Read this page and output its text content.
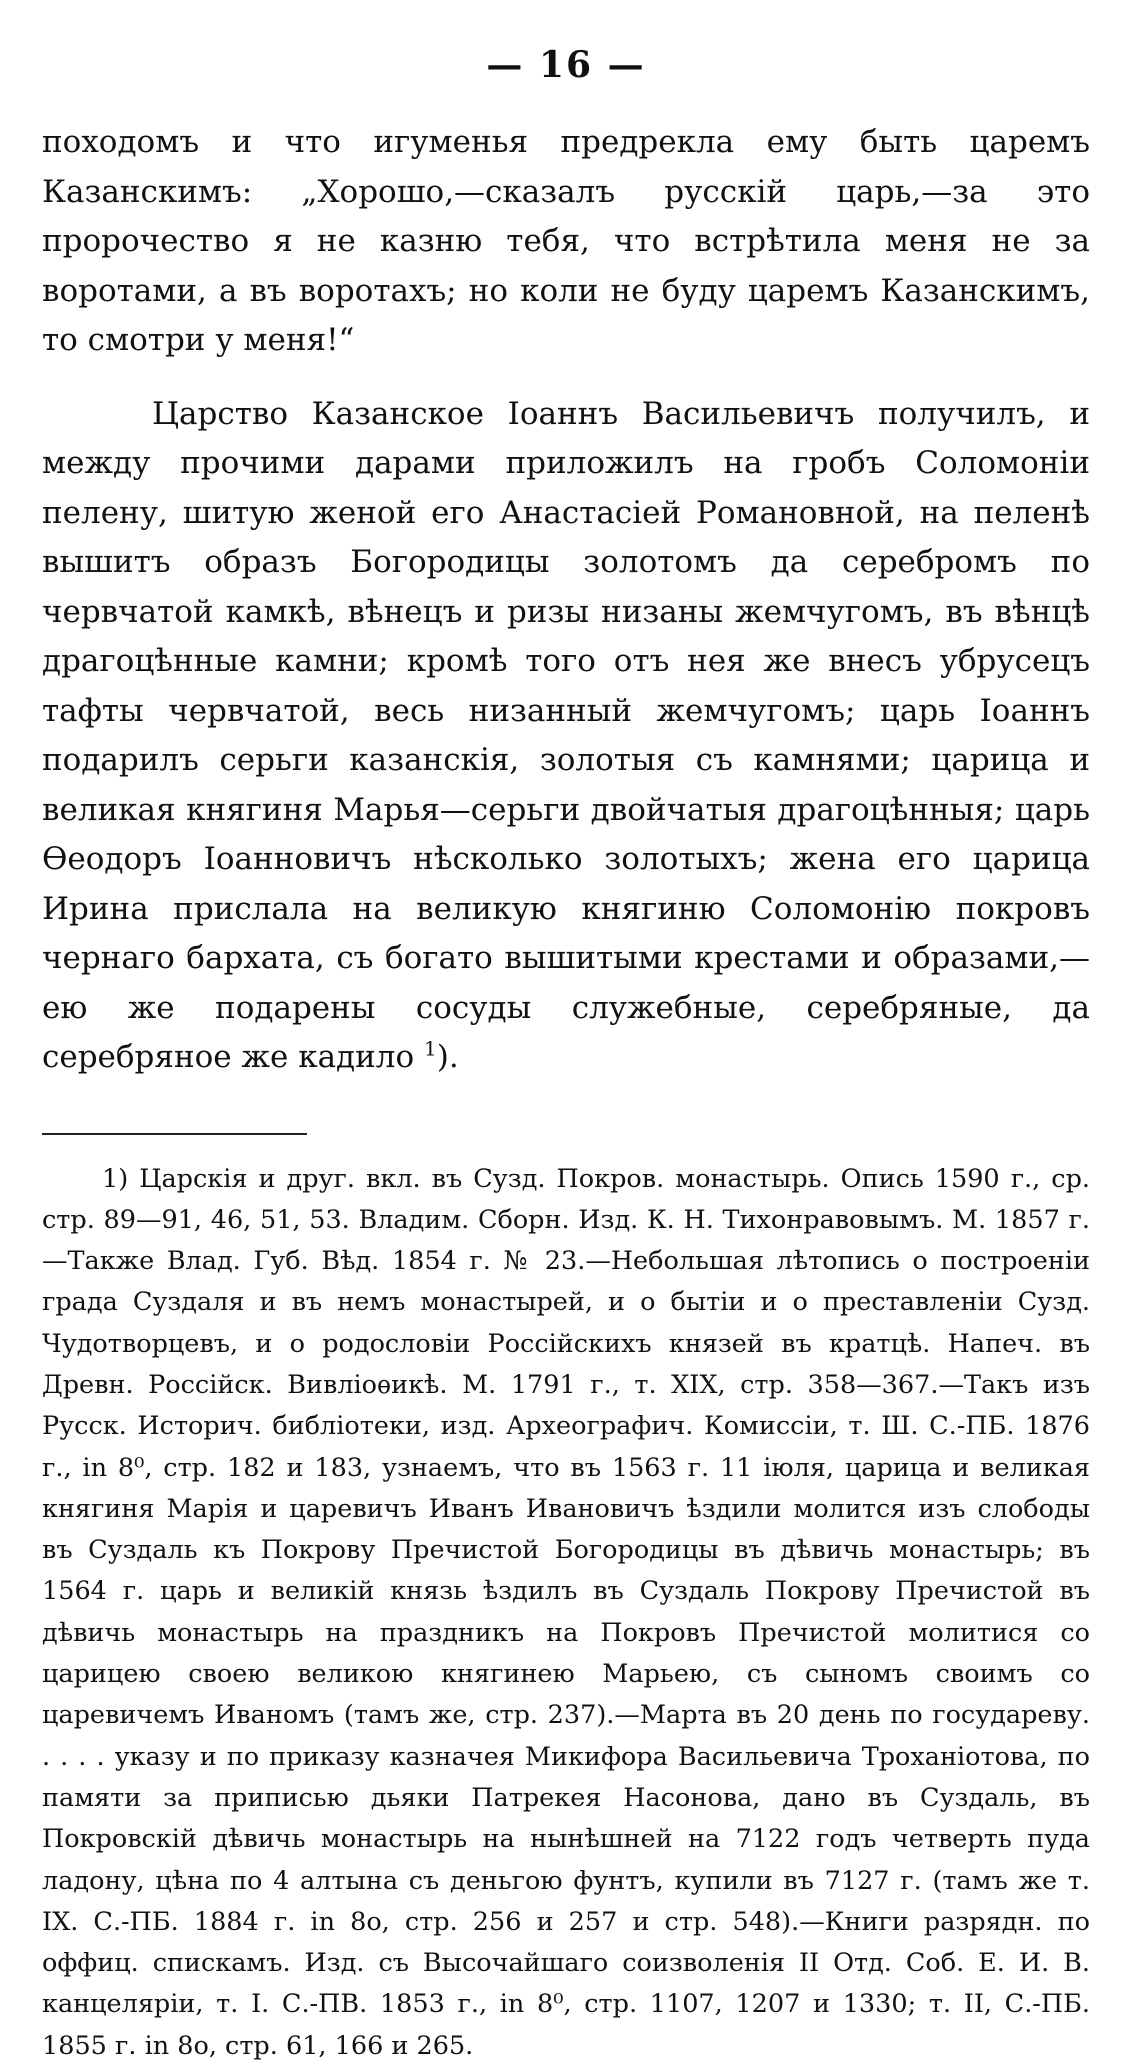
— 16 —

походомъ и что игуменья предрекла ему быть царемъ Казанскимъ: „Хорошо,—сказалъ русскій царь,—за это пророчество я не казню тебя, что встрѣтила меня не за воротами, а въ воротахъ; но коли не буду царемъ Казанскимъ, то смотри у меня!“

Царство Казанское Іоаннъ Васильевичъ получилъ, и между прочими дарами приложилъ на гробъ Соломоніи пелену, шитую женой его Анастасіей Романовной, на пеленѣ вышитъ образъ Богородицы золотомъ да серебромъ по червчатой камкѣ, вѣнецъ и ризы низаны жемчугомъ, въ вѣнцѣ драгоцѣнные камни; кромѣ того отъ нея же внесъ убрусецъ тафты червчатой, весь низанный жемчугомъ; царь Іоаннъ подарилъ серьги казанскія, золотыя съ камнями; царица и великая княгиня Марья—серьги двойчатыя драгоцѣнныя; царь Ѳеодоръ Іоанновичъ нѣсколько золотыхъ; жена его царица Ирина прислала на великую княгиню Соломонію покровъ чернаго бархата, съ богато вышитыми крестами и образами,—ею же подарены сосуды служебные, серебряные, да серебряное же кадило $^1$).

1) Царскія и друг. вкл. въ Сузд. Покров. монастырь. Опись 1590 г., ср. стр. 89—91, 46, 51, 53. Владим. Сборн. Изд. К. Н. Тихонравовымъ. М. 1857 г.—Также Влад. Губ. Вѣд. 1854 г. № 23.—Небольшая лѣтопись о построеніи града Суздаля и въ немъ монастырей, и о бытіи и о преставленіи Сузд. Чудотворцевъ, и о родословіи Россійскихъ князей въ кратцѣ. Напеч. въ Древн. Россійск. Вивліоѳикѣ. М. 1791 г., т. XIX, стр. 358—367.—Такъ изъ Русск. Историч. библіотеки, изд. Археографич. Комиссіи, т. Ш. С.-ПБ. 1876 г., in 8⁰, стр. 182 и 183, узнаемъ, что въ 1563 г. 11 іюля, царица и великая княгиня Марія и царевичъ Иванъ Ивановичъ ѣздили молится изъ слободы въ Суздаль къ Покрову Пречистой Богородицы въ дѣвичь монастырь; въ 1564 г. царь и великій князь ѣздилъ въ Суздаль Покрову Пречистой въ дѣвичь монастырь на праздникъ на Покровъ Пречистой молитися со царицею своею великою княгинею Марьею, съ сыномъ своимъ со царевичемъ Иваномъ (тамъ же, стр. 237).—Марта въ 20 день по государеву. . . . . указу и по приказу казначея Микифора Васильевича Троханіотова, по памяти за приписью дьяки Патрекея Насонова, дано въ Суздаль, въ Покровскій дѣвичь монастырь на нынѣшней на 7122 годъ четверть пуда ладону, цѣна по 4 алтына съ деньгою фунтъ, купили въ 7127 г. (тамъ же т. IX. С.-ПБ. 1884 г. in 8о, стр. 256 и 257 и стр. 548).—Книги разрядн. по оффиц. спискамъ. Изд. съ Высочайшаго соизволенія II Отд. Соб. Е. И. В. канцеляріи, т. I. С.-ПВ. 1853 г., in 8⁰, стр. 1107, 1207 и 1330; т. II, С.-ПБ. 1855 г. in 8о, стр. 61, 166 и 265.
